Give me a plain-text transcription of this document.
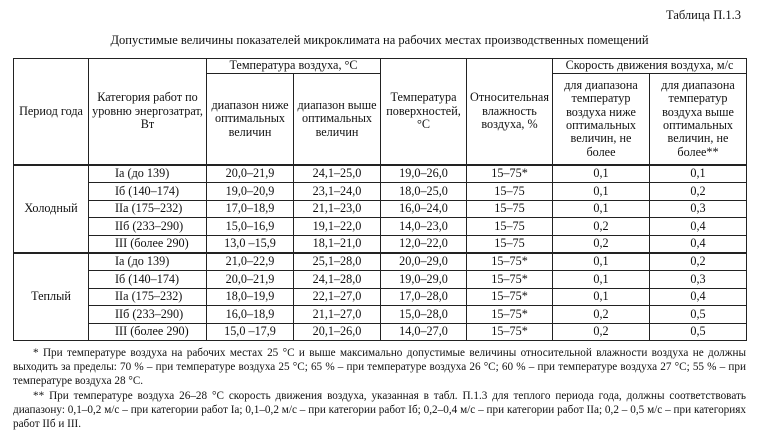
Таблица П.1.3
Допустимые величины показателей микроклимата на рабочих местах производственных помещений
Период года	Категория работ по уровню энергозатрат, Вт	Температура воздуха, °С		Температура поверхностей, °С	Относительная влажность воздуха, %	Скорость движения воздуха, м/с	
		диапазон ниже оптимальных величин	диапазон выше оптимальных величин			для диапазона температур воздуха ниже оптимальных величин, не более	для диапазона температур воздуха выше оптимальных величин, не более**
Холодный	Iа (до 139)	20,0–21,9	24,1–25,0	19,0–26,0	15–75*	0,1	0,1
	Iб (140–174)	19,0–20,9	23,1–24,0	18,0–25,0	15–75	0,1	0,2
	IIа (175–232)	17,0–18,9	21,1–23,0	16,0–24,0	15–75	0,1	0,3
	IIб (233–290)	15,0–16,9	19,1–22,0	14,0–23,0	15–75	0,2	0,4
	III (более 290)	13,0 –15,9	18,1–21,0	12,0–22,0	15–75	0,2	0,4
Теплый	Iа (до 139)	21,0–22,9	25,1–28,0	20,0–29,0	15–75*	0,1	0,2
	Iб (140–174)	20,0–21,9	24,1–28,0	19,0–29,0	15–75*	0,1	0,3
	IIа (175–232)	18,0–19,9	22,1–27,0	17,0–28,0	15–75*	0,1	0,4
	IIб (233–290)	16,0–18,9	21,1–27,0	15,0–28,0	15–75*	0,2	0,5
	III (более 290)	15,0 –17,9	20,1–26,0	14,0–27,0	15–75*	0,2	0,5

* При температуре воздуха на рабочих местах 25 °С и выше максимально допустимые величины относительной влажности воздуха не должны выходить за пределы: 70 % – при температуре воздуха 25 °С; 65 % – при температуре воздуха 26 °С; 60 % – при температуре воздуха 27 °С; 55 % – при температуре воздуха 28 °С.

** При температуре воздуха 26–28 °С скорость движения воздуха, указанная в табл. П.1.3 для теплого периода года, должны соответствовать диапазону: 0,1–0,2 м/с – при категории работ Iа; 0,1–0,2 м/с – при категории работ Iб; 0,2–0,4 м/с – при категории работ IIа; 0,2 – 0,5 м/с – при категориях работ IIб и III.
